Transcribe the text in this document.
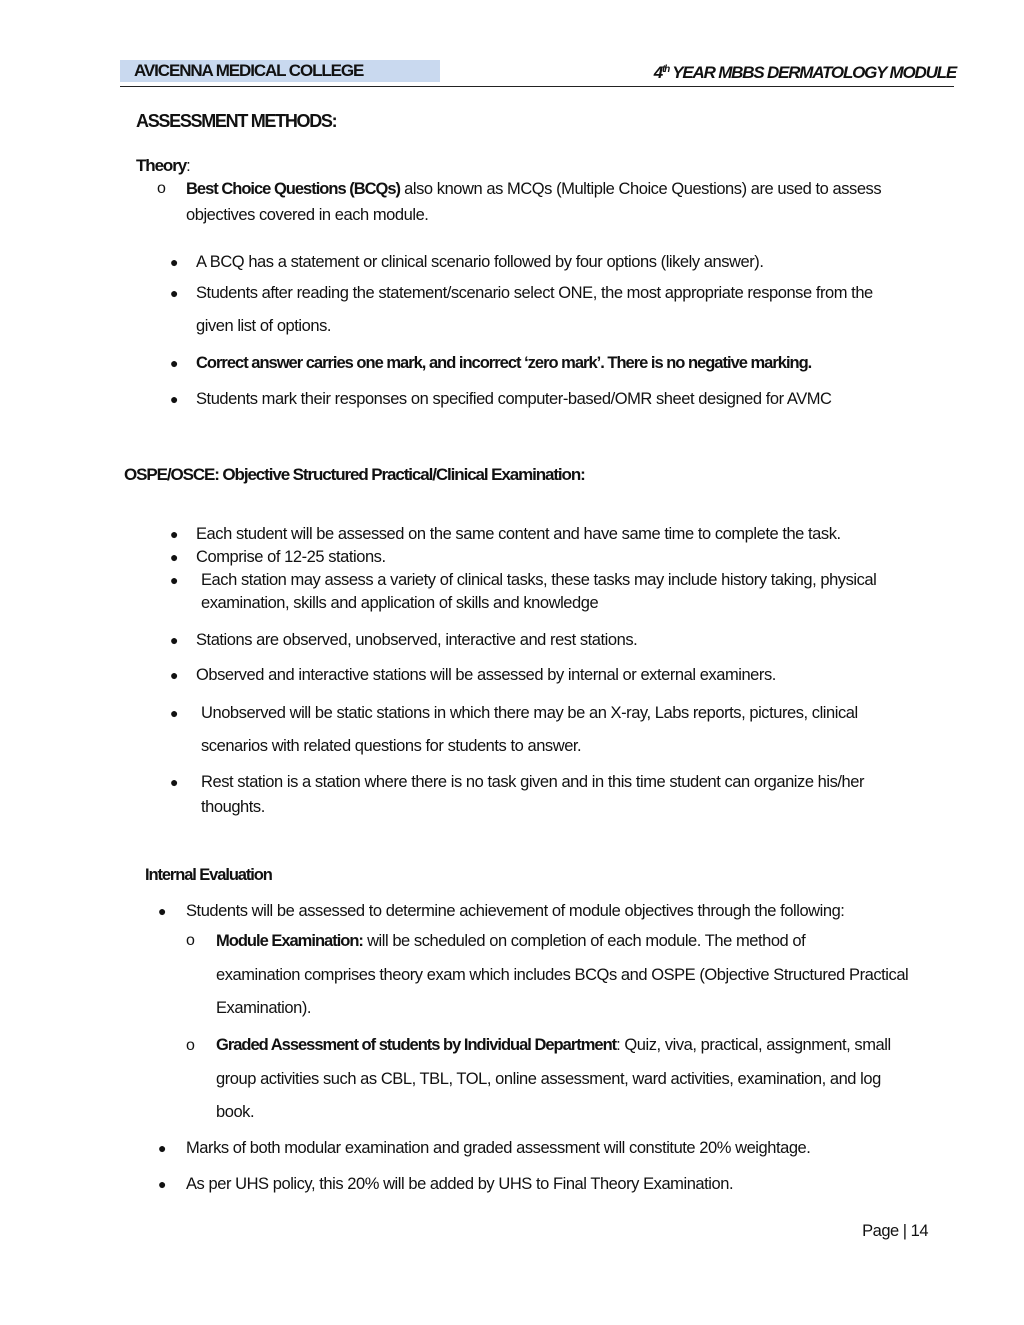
AVICENNA MEDICAL COLLEGE	4th YEAR MBBS DERMATOLOGY MODULE
ASSESSMENT METHODS:
Theory:
o Best Choice Questions (BCQs) also known as MCQs (Multiple Choice Questions) are used to assess
objectives covered in each module.
● A BCQ has a statement or clinical scenario followed by four options (likely answer).
● Students after reading the statement/scenario select ONE, the most appropriate response from the
given list of options.
● Correct answer carries one mark, and incorrect ‘zero mark’. There is no negative marking.
● Students mark their responses on specified computer-based/OMR sheet designed for AVMC
OSPE/OSCE: Objective Structured Practical/Clinical Examination:
● Each student will be assessed on the same content and have same time to complete the task.
● Comprise of 12-25 stations.
● Each station may assess a variety of clinical tasks, these tasks may include history taking, physical
examination, skills and application of skills and knowledge
● Stations are observed, unobserved, interactive and rest stations.
● Observed and interactive stations will be assessed by internal or external examiners.
● Unobserved will be static stations in which there may be an X-ray, Labs reports, pictures, clinical
scenarios with related questions for students to answer.
● Rest station is a station where there is no task given and in this time student can organize his/her
thoughts.
Internal Evaluation
● Students will be assessed to determine achievement of module objectives through the following:
o Module Examination: will be scheduled on completion of each module. The method of
examination comprises theory exam which includes BCQs and OSPE (Objective Structured Practical
Examination).
o Graded Assessment of students by Individual Department: Quiz, viva, practical, assignment, small
group activities such as CBL, TBL, TOL, online assessment, ward activities, examination, and log
book.
● Marks of both modular examination and graded assessment will constitute 20% weightage.
● As per UHS policy, this 20% will be added by UHS to Final Theory Examination.
Page | 14
